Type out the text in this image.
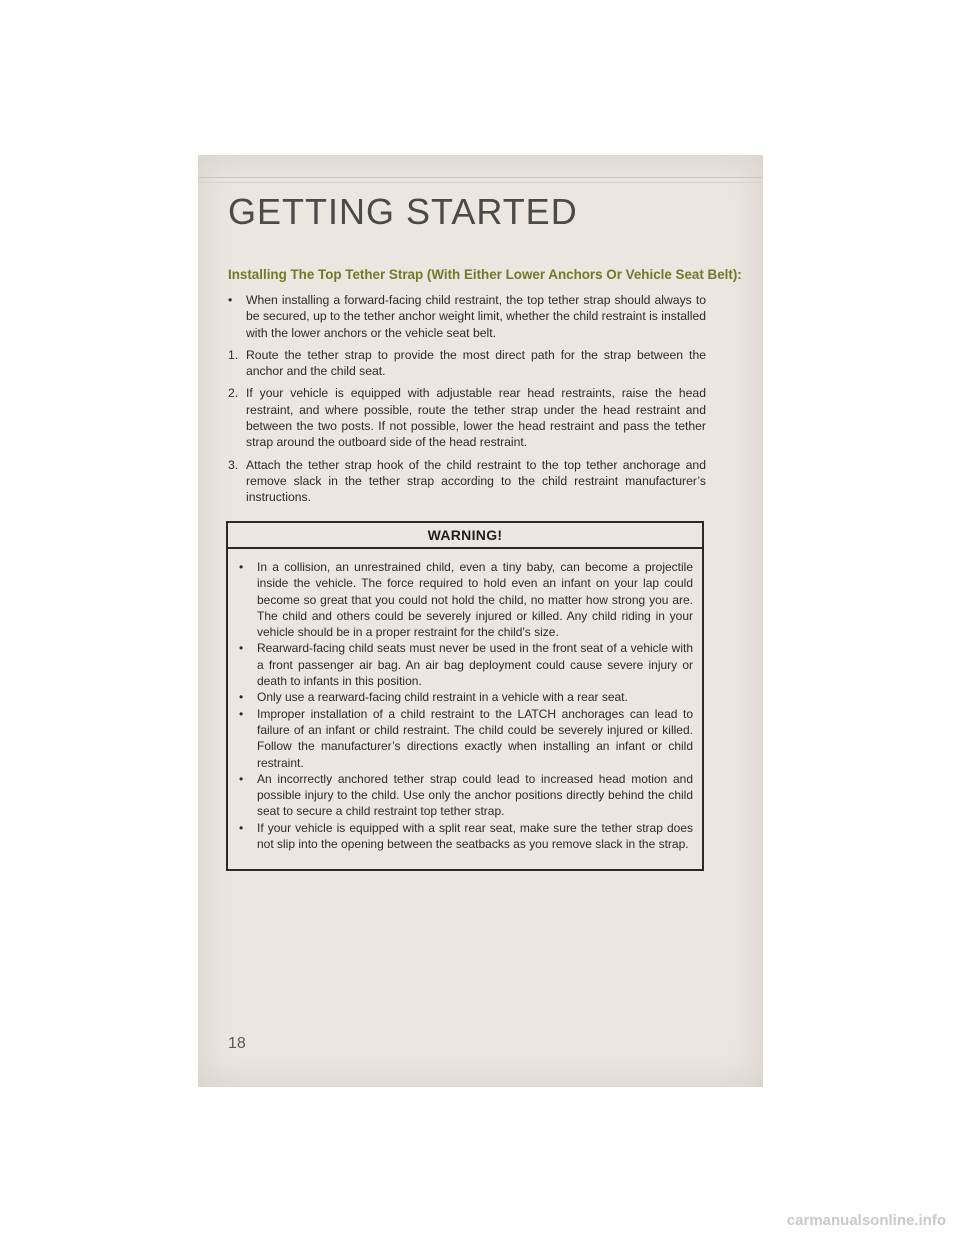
GETTING STARTED
Installing The Top Tether Strap (With Either Lower Anchors Or Vehicle Seat Belt):

•	When installing a forward-facing child restraint, the top tether strap should always to be secured, up to the tether anchor weight limit, whether the child restraint is installed with the lower anchors or the vehicle seat belt.

1. Route the tether strap to provide the most direct path for the strap between the anchor and the child seat.

2. If your vehicle is equipped with adjustable rear head restraints, raise the head restraint, and where possible, route the tether strap under the head restraint and between the two posts. If not possible, lower the head restraint and pass the tether strap around the outboard side of the head restraint.

3. Attach the tether strap hook of the child restraint to the top tether anchorage and remove slack in the tether strap according to the child restraint manufacturer’s instructions.

WARNING!
•	In a collision, an unrestrained child, even a tiny baby, can become a projectile inside the vehicle. The force required to hold even an infant on your lap could become so great that you could not hold the child, no matter how strong you are. The child and others could be severely injured or killed. Any child riding in your vehicle should be in a proper restraint for the child's size.
•	Rearward-facing child seats must never be used in the front seat of a vehicle with a front passenger air bag. An air bag deployment could cause severe injury or death to infants in this position.
•	Only use a rearward-facing child restraint in a vehicle with a rear seat.
•	Improper installation of a child restraint to the LATCH anchorages can lead to failure of an infant or child restraint. The child could be severely injured or killed. Follow the manufacturer’s directions exactly when installing an infant or child restraint.
•	An incorrectly anchored tether strap could lead to increased head motion and possible injury to the child. Use only the anchor positions directly behind the child seat to secure a child restraint top tether strap.
•	If your vehicle is equipped with a split rear seat, make sure the tether strap does not slip into the opening between the seatbacks as you remove slack in the strap.
18
carmanualsonline.info
